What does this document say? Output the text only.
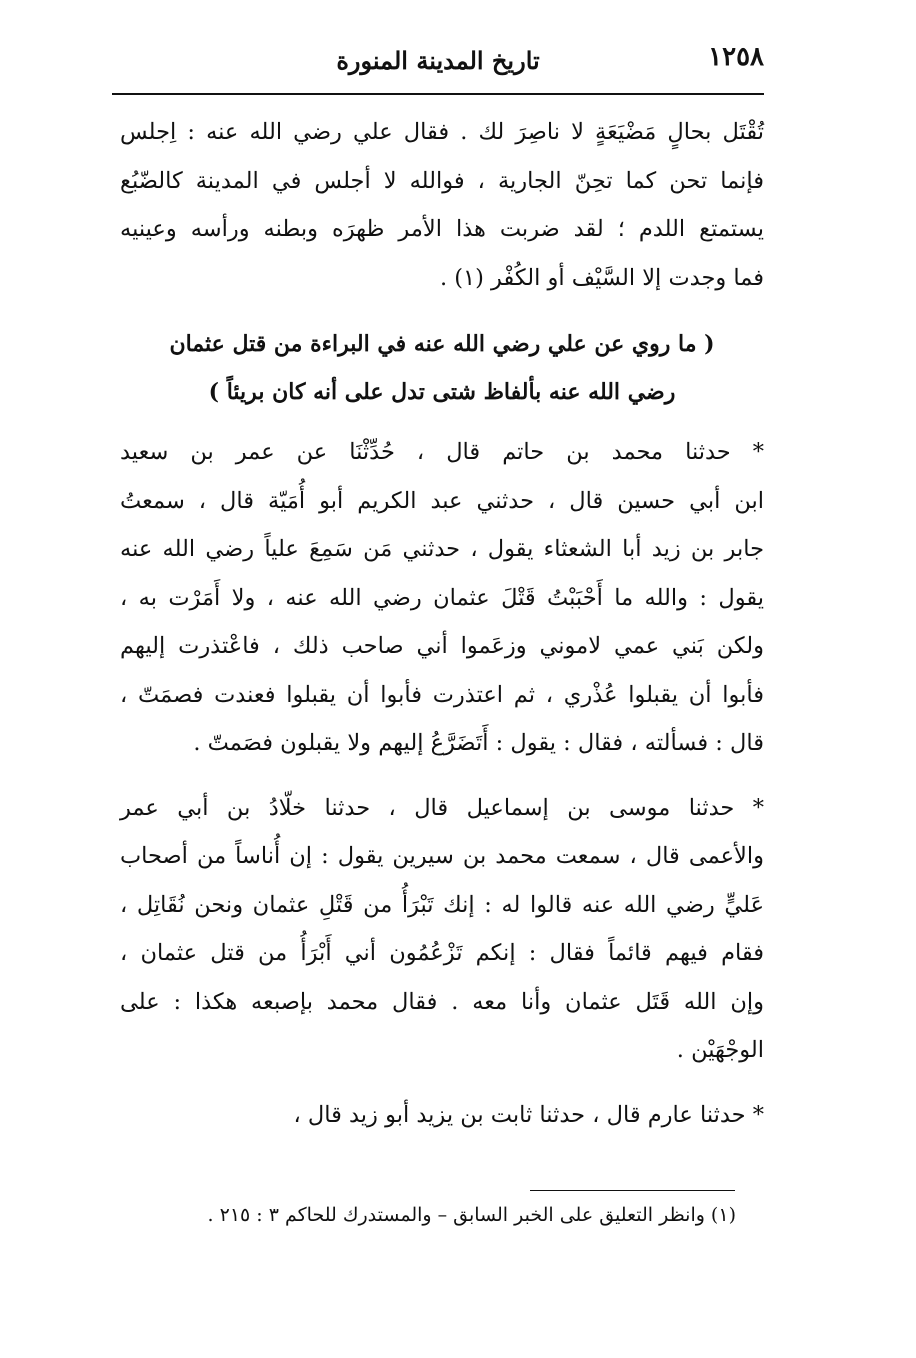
١٢٥٨
تاريخ المدينة المنورة

تُقْتَل بحالٍ مَضْيَعَةٍ لا ناصِرَ لك . فقال علي رضي الله عنه : اِجلس
فإنما تحن كما تحِنّ الجارية ، فوالله لا أجلس في المدينة كالضّبُع
يستمتع اللدم ؛ لقد ضربت هذا الأمر ظهرَه وبطنه ورأسه وعينيه
فما وجدت إلا السَّيْف أو الكُفْر (١) .

( ما روي عن علي رضي الله عنه في البراءة من قتل عثمان
رضي الله عنه بألفاظ شتى تدل على أنه كان بريئاً )

* حدثنا محمد بن حاتم قال ، حُدِّثْنَا عن عمر بن سعيد
ابن أبي حسين قال ، حدثني عبد الكريم أبو أُمَيّة قال ، سمعتُ
جابر بن زيد أبا الشعثاء يقول ، حدثني مَن سَمِعَ علياً رضي الله عنه
يقول : والله ما أَحْبَبْتُ قَتْلَ عثمان رضي الله عنه ، ولا أَمَرْت به ،
ولكن بَني عمي لاموني وزعَموا أني صاحب ذلك ، فاعْتذرت إليهم
فأبوا أن يقبلوا عُذْري ، ثم اعتذرت فأبوا أن يقبلوا فعندت فصمَتّ ،
قال : فسألته ، فقال : يقول : أَتَضَرَّعُ إليهم ولا يقبلون فصَمتّ .

* حدثنا موسى بن إسماعيل قال ، حدثنا خلّادُ بن أبي عمر
والأعمى قال ، سمعت محمد بن سيرين يقول : إن أُناساً من أصحاب
عَليٍّ رضي الله عنه قالوا له : إنك تَبْرَأُ من قَتْلِ عثمان ونحن نُقَاتِل ،
فقام فيهم قائماً فقال : إنكم تَزْعُمُون أني أَبْرَأُ من قتل عثمان ،
وإن الله قَتَل عثمان وأنا معه . فقال محمد بإصبعه هكذا : على
الوجْهَيْن .

* حدثنا عارم قال ، حدثنا ثابت بن يزيد أبو زيد قال ،

(١) وانظر التعليق على الخبر السابق – والمستدرك للحاكم ٣ : ٢١٥ .
